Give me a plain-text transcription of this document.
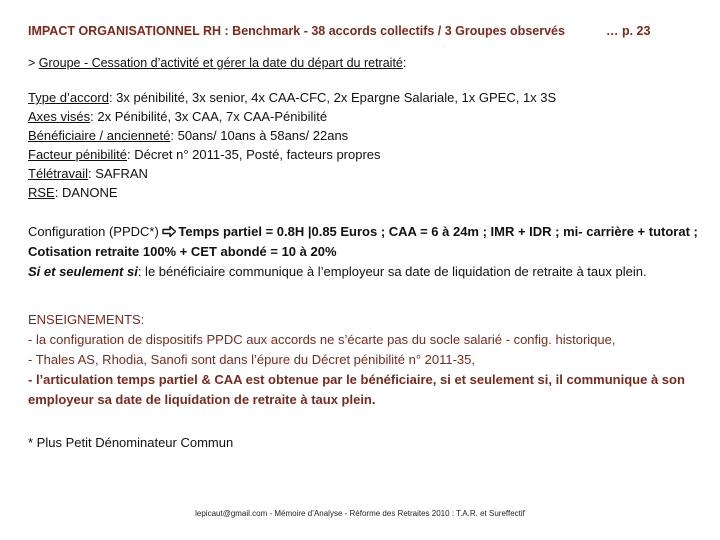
IMPACT ORGANISATIONNEL RH : Benchmark - 38 accords collectifs / 3 Groupes observés	… p. 23
> Groupe - Cessation d’activité et gérer la date du départ du retraité:
Type d’accord: 3x pénibilité, 3x senior, 4x CAA-CFC, 2x Epargne Salariale, 1x GPEC, 1x 3S
Axes visés: 2x Pénibilité, 3x CAA, 7x CAA-Pénibilité
Bénéficiaire / ancienneté: 50ans/ 10ans à 58ans/ 22ans
Facteur pénibilité: Décret n° 2011-35, Posté, facteurs propres
Télétravail: SAFRAN
RSE: DANONE
Configuration (PPDC*) Temps partiel = 0.8H |0.85 Euros ; CAA = 6 à 24m ; IMR + IDR ; mi- carrière + tutorat ; Cotisation retraite 100% + CET abondé = 10 à 20%
Si et seulement si: le bénéficiaire communique à l’employeur sa date de liquidation de retraite à taux plein.
ENSEIGNEMENTS:
- la configuration de dispositifs PPDC aux accords ne s’écarte pas du socle salarié - config. historique,
- Thales AS, Rhodia, Sanofi sont dans l’épure du Décret pénibilité n° 2011-35,
- l’articulation temps partiel & CAA est obtenue par le bénéficiaire, si et seulement si, il communique à son employeur sa date de liquidation de retraite à taux plein.
* Plus Petit Dénominateur Commun
lepicaut@gmail.com - Mémoire d’Analyse - Réforme des Retraites 2010 : T.A.R. et Sureffectif
